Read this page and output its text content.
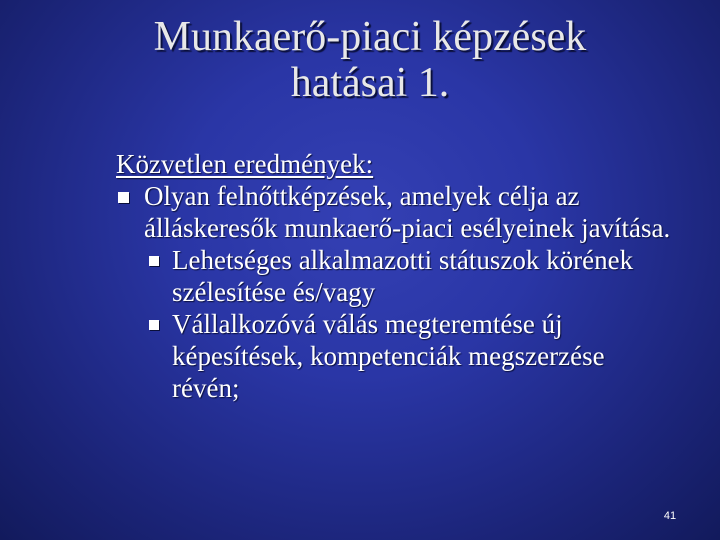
Munkaerő-piaci képzések
hatásai 1.

Közvetlen eredmények:

Olyan felnőttképzések, amelyek célja az álláskeresők munkaerő-piaci esélyeinek javítása.
Lehetséges alkalmazotti státuszok körének szélesítése és/vagy
Vállalkozóvá válás megteremtése új képesítések, kompetenciák megszerzése révén;
41
